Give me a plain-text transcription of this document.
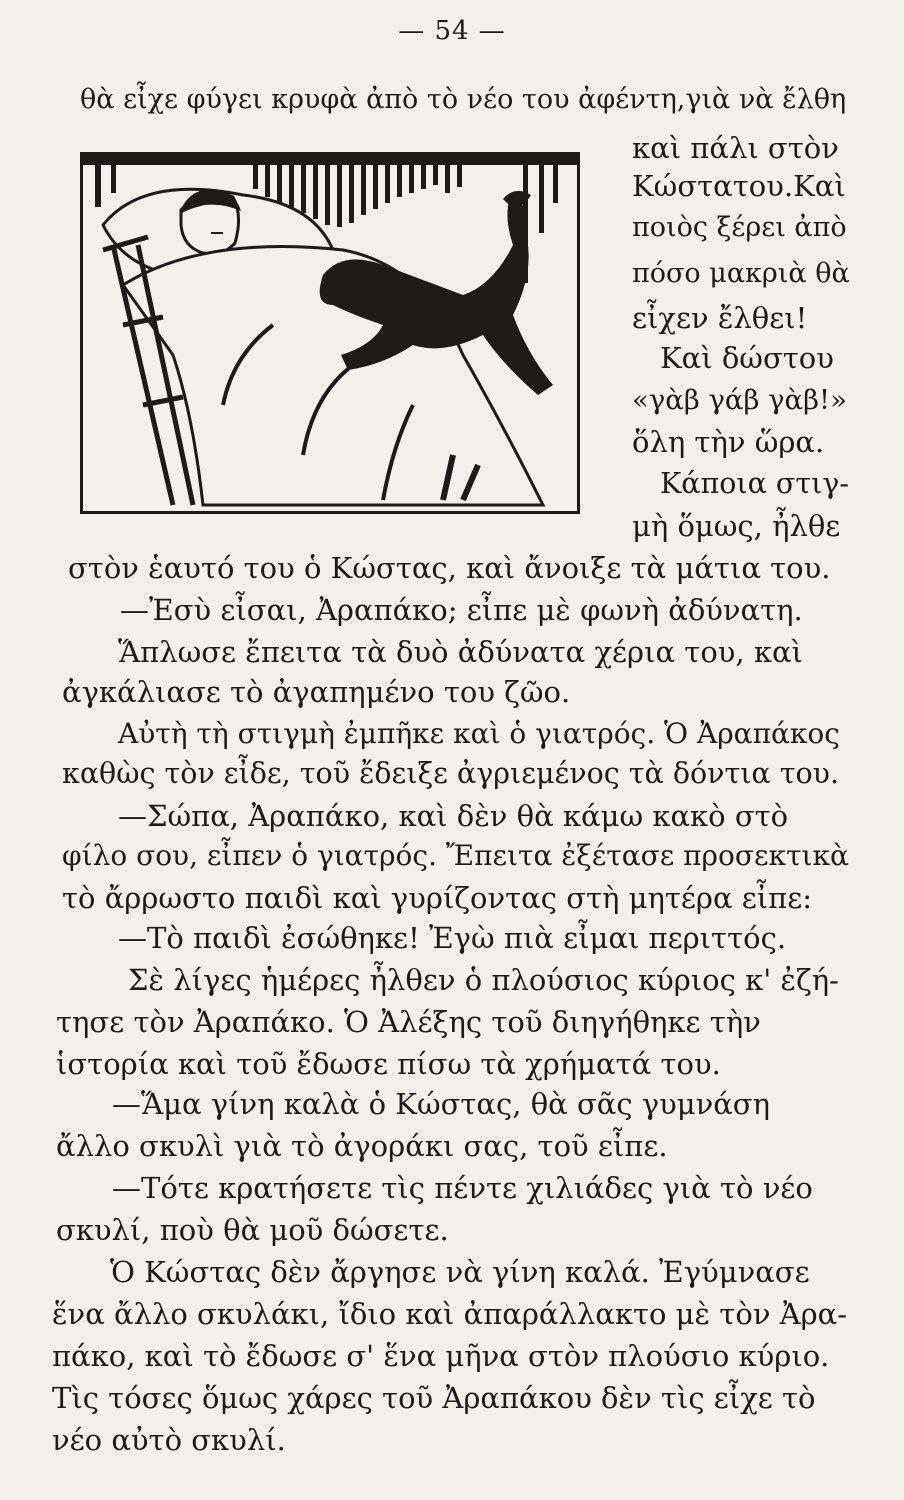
— 54 —
θὰ εἶχε φύγει κρυφὰ ἀπὸ τὸ νέο του ἀφέντη,γιὰ νὰ ἔλθη
καὶ πάλι στὸν
Κώστατου.Καὶ
ποιὸς ξέρει ἀπὸ
πόσο μακριὰ θὰ
εἶχεν ἔλθει!
Καὶ δώστου
«γὰβ γάβ γὰβ!»
ὅλη τὴν ὥρα.
Κάποια στιγ-
μὴ ὅμως, ἦλθε
στὸν ἑαυτό του ὁ Κώστας, καὶ ἄνοιξε τὰ μάτια του.
—Ἐσὺ εἶσαι, Ἀραπάκο; εἶπε μὲ φωνὴ ἀδύνατη.
Ἅπλωσε ἔπειτα τὰ δυὸ ἀδύνατα χέρια του, καὶ
ἀγκάλιασε τὸ ἀγαπημένο του ζῶο.
Αὐτὴ τὴ στιγμὴ ἐμπῆκε καὶ ὁ γιατρός. Ὁ Ἀραπάκος
καθὼς τὸν εἶδε, τοῦ ἔδειξε ἀγριεμένος τὰ δόντια του.
—Σώπα, Ἀραπάκο, καὶ δὲν θὰ κάμω κακὸ στὸ
φίλο σου, εἶπεν ὁ γιατρός. Ἔπειτα ἐξέτασε προσεκτικὰ
τὸ ἄρρωστο παιδὶ καὶ γυρίζοντας στὴ μητέρα εἶπε:
—Τὸ παιδὶ ἐσώθηκε! Ἐγὼ πιὰ εἶμαι περιττός.
Σὲ λίγες ἡμέρες ἦλθεν ὁ πλούσιος κύριος κ' ἐζή-
τησε τὸν Ἀραπάκο. Ὁ Ἀλέξης τοῦ διηγήθηκε τὴν
ἱστορία καὶ τοῦ ἔδωσε πίσω τὰ χρήματά του.
—Ἅμα γίνη καλὰ ὁ Κώστας, θὰ σᾶς γυμνάση
ἄλλο σκυλὶ γιὰ τὸ ἀγοράκι σας, τοῦ εἶπε.
—Τότε κρατήσετε τὶς πέντε χιλιάδες γιὰ τὸ νέο
σκυλί, ποὺ θὰ μοῦ δώσετε.
Ὁ Κώστας δὲν ἄργησε νὰ γίνη καλά. Ἐγύμνασε
ἕνα ἄλλο σκυλάκι, ἴδιο καὶ ἀπαράλλακτο μὲ τὸν Ἀρα-
πάκο, καὶ τὸ ἔδωσε σ' ἕνα μῆνα στὸν πλούσιο κύριο.
Τὶς τόσες ὅμως χάρες τοῦ Ἀραπάκου δὲν τὶς εἶχε τὸ
νέο αὐτὸ σκυλί.
